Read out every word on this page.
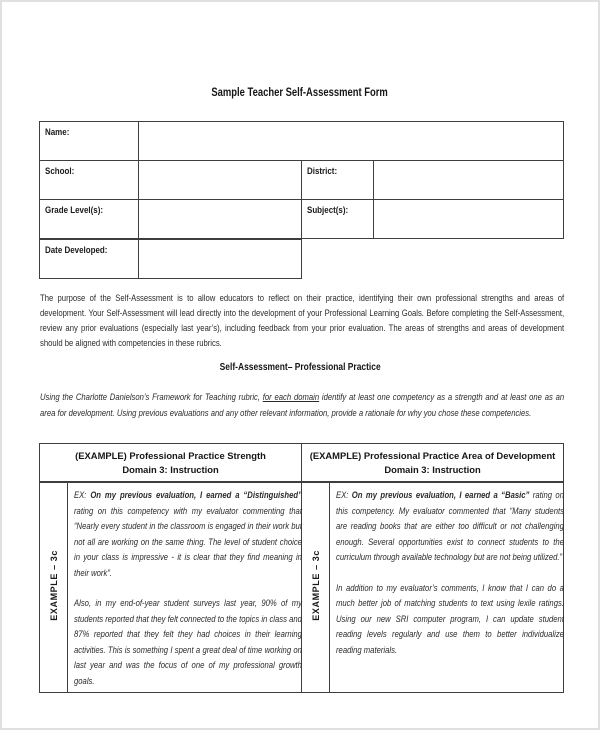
Sample Teacher Self-Assessment Form
Name:			
School:		District:	
Grade Level(s):		Subject(s):	
Date Developed:	
The purpose of the Self-Assessment is to allow educators to reflect on their practice, identifying their own professional strengths and areas of development. Your Self-Assessment will lead directly into the development of your Professional Learning Goals. Before completing the Self-Assessment, review any prior evaluations (especially last year’s), including feedback from your prior evaluation. The areas of strengths and areas of development should be aligned with competencies in these rubrics.
Self-Assessment– Professional Practice
Using the Charlotte Danielson’s Framework for Teaching rubric, for each domain identify at least one competency as a strength and at least one as an area for development. Using previous evaluations and any other relevant information, provide a rationale for why you chose these competencies.
(EXAMPLE) Professional Practice Strength
Domain 3: Instruction

(EXAMPLE) Professional Practice Area of Development
Domain 3: Instruction

EXAMPLE – 3c	

EX: On my previous evaluation, I earned a “Distinguished” rating on this competency with my evaluator commenting that “Nearly every student in the classroom is engaged in their work but not all are working on the same thing. The level of student choice in your class is impressive - it is clear that they find meaning in their work”.

Also, in my end-of-year student surveys last year, 90% of my students reported that they felt connected to the topics in class and 87% reported that they felt they had choices in their learning activities. This is something I spent a great deal of time working on last year and was the focus of one of my professional growth goals.

	EXAMPLE – 3c	

EX: On my previous evaluation, I earned a “Basic” rating on this competency. My evaluator commented that “Many students are reading books that are either too difficult or not challenging enough. Several opportunities exist to connect students to the curriculum through available technology but are not being utilized.”

In addition to my evaluator’s comments, I know that I can do a much better job of matching students to text using lexile ratings. Using our new SRI computer program, I can update student reading levels regularly and use them to better individualize reading materials.
